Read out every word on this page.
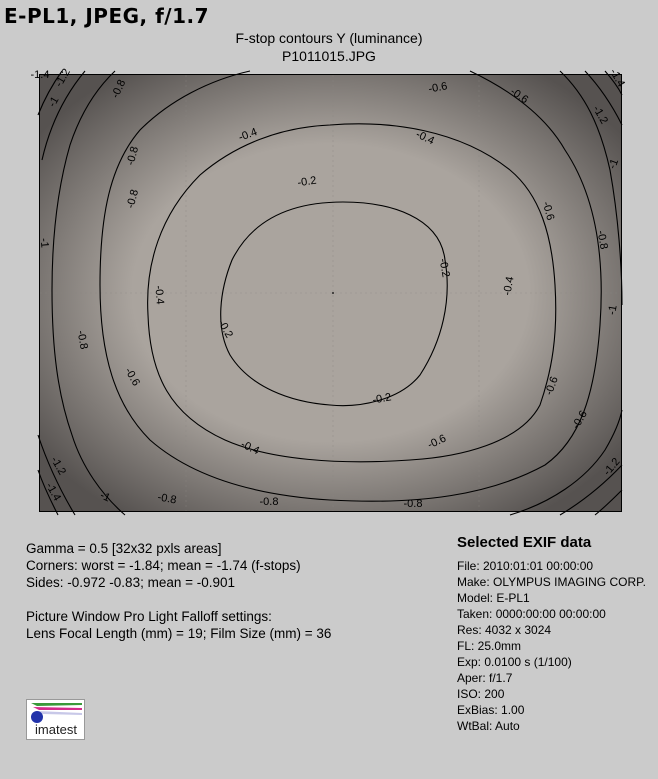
E-PL1, JPEG, f/1.7
F-stop contours Y (luminance)
P1011015.JPG
-0.2
-0.2
-0.2
-0.2
-0.4	-0.4
-0.4	-0.4
-0.4	-0.6
-0.6	-0.6
-0.6
-0.6	-0.6
-0.6
-0.8	-0.8
-0.8
-0.8
-0.8
-0.8
-0.8
-0.8
-1
-1
-1
-1
-1
-1.2
-1.2	-1.2
-1.2
-1.4
-1.4
-1.4
Gamma = 0.5 [32x32 pxls areas]
Corners: worst = -1.84; mean = -1.74 (f-stops)
Sides: -0.972 -0.83; mean = -0.901
Picture Window Pro Light Falloff settings:
Lens Focal Length (mm) = 19; Film Size (mm) = 36
Selected EXIF data
File: 2010:01:01 00:00:00
Make: OLYMPUS IMAGING CORP.
Model: E-PL1
Taken: 0000:00:00 00:00:00
Res: 4032 x 3024
FL: 25.0mm
Exp: 0.0100 s (1/100)
Aper: f/1.7
ISO: 200
ExBias: 1.00
WtBal: Auto
imatest
